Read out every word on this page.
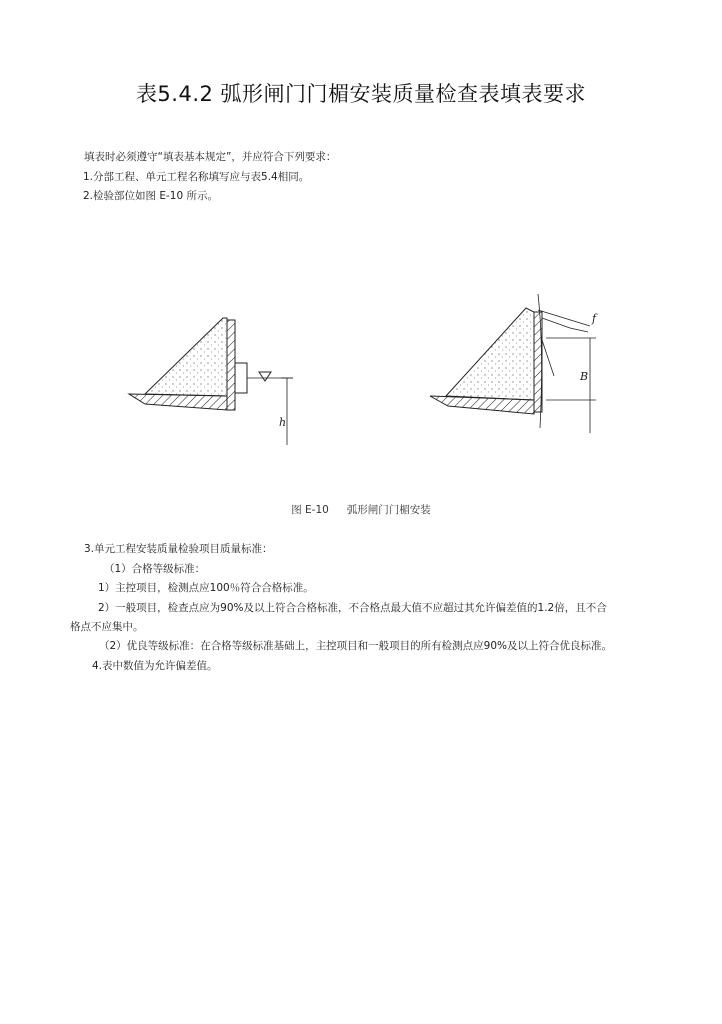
表5.4.2 弧形闸门门楣安装质量检查表填表要求
填表时必须遵守“填表基本规定”，并应符合下列要求：
1.分部工程、单元工程名称填写应与表5.4相同。
2.检验部位如图 E-10 所示。
h
f
B
图 E-10 弧形闸门门楣安装
3.单元工程安装质量检验项目质量标准：
（1）合格等级标准：
1）主控项目，检测点应100％符合合格标准。
2）一般项目，检查点应为90%及以上符合合格标准，不合格点最大值不应超过其允许偏差值的1.2倍，且不合
格点不应集中。
（2）优良等级标准：在合格等级标准基础上，主控项目和一般项目的所有检测点应90%及以上符合优良标准。
4.表中数值为允许偏差值。
